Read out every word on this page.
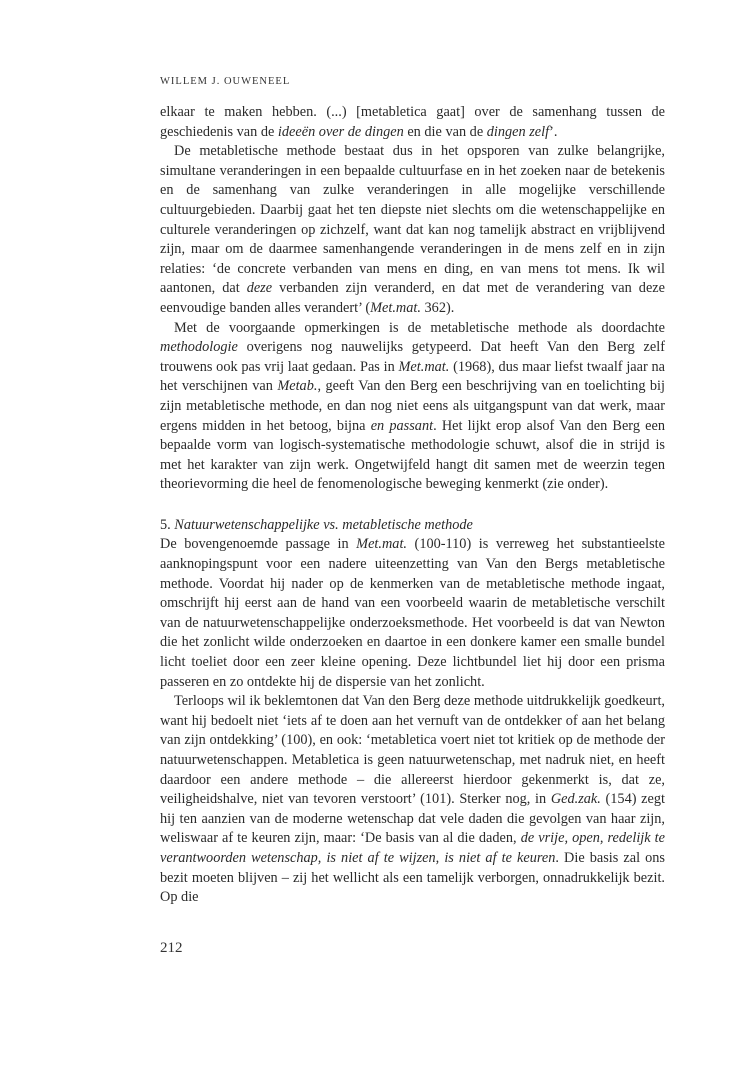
WILLEM J. OUWENEEL

elkaar te maken hebben. (...) [metabletica gaat] over de samenhang tussen de geschiedenis van de ideeën over de dingen en die van de dingen zelf’.

De metabletische methode bestaat dus in het opsporen van zulke belangrijke, simultane veranderingen in een bepaalde cultuurfase en in het zoeken naar de betekenis en de samenhang van zulke veranderingen in alle mogelijke verschillende cultuurgebieden. Daarbij gaat het ten diepste niet slechts om die wetenschappelijke en culturele veranderingen op zichzelf, want dat kan nog tamelijk abstract en vrijblijvend zijn, maar om de daarmee samenhangende veranderingen in de mens zelf en in zijn relaties: ‘de concrete verbanden van mens en ding, en van mens tot mens. Ik wil aantonen, dat deze verbanden zijn veranderd, en dat met de verandering van deze eenvoudige banden alles verandert’ (Met.mat. 362).

Met de voorgaande opmerkingen is de metabletische methode als doordachte methodologie overigens nog nauwelijks getypeerd. Dat heeft Van den Berg zelf trouwens ook pas vrij laat gedaan. Pas in Met.mat. (1968), dus maar liefst twaalf jaar na het verschijnen van Metab., geeft Van den Berg een beschrijving van en toelichting bij zijn metabletische methode, en dan nog niet eens als uitgangspunt van dat werk, maar ergens midden in het betoog, bijna en passant. Het lijkt erop alsof Van den Berg een bepaalde vorm van logisch-systematische methodologie schuwt, alsof die in strijd is met het karakter van zijn werk. Ongetwijfeld hangt dit samen met de weerzin tegen theorievorming die heel de fenomenologische beweging kenmerkt (zie onder).

5. Natuurwetenschappelijke vs. metabletische methode

De bovengenoemde passage in Met.mat. (100-110) is verreweg het substantieelste aanknopingspunt voor een nadere uiteenzetting van Van den Bergs metabletische methode. Voordat hij nader op de kenmerken van de metabletische methode ingaat, omschrijft hij eerst aan de hand van een voorbeeld waarin de metabletische verschilt van de natuurwetenschappelijke onderzoeksmethode. Het voorbeeld is dat van Newton die het zonlicht wilde onderzoeken en daartoe in een donkere kamer een smalle bundel licht toeliet door een zeer kleine opening. Deze lichtbundel liet hij door een prisma passeren en zo ontdekte hij de dispersie van het zonlicht.

Terloops wil ik beklemtonen dat Van den Berg deze methode uitdrukkelijk goedkeurt, want hij bedoelt niet ‘iets af te doen aan het vernuft van de ontdekker of aan het belang van zijn ontdekking’ (100), en ook: ‘metabletica voert niet tot kritiek op de methode der natuurwetenschappen. Metabletica is geen natuurwetenschap, met nadruk niet, en heeft daardoor een andere methode – die allereerst hierdoor gekenmerkt is, dat ze, veiligheidshalve, niet van tevoren verstoort’ (101). Sterker nog, in Ged.zak. (154) zegt hij ten aanzien van de moderne wetenschap dat vele daden die gevolgen van haar zijn, weliswaar af te keuren zijn, maar: ‘De basis van al die daden, de vrije, open, redelijk te verantwoorden wetenschap, is niet af te wijzen, is niet af te keuren. Die basis zal ons bezit moeten blijven – zij het wellicht als een tamelijk verborgen, onnadrukkelijk bezit. Op die

212
